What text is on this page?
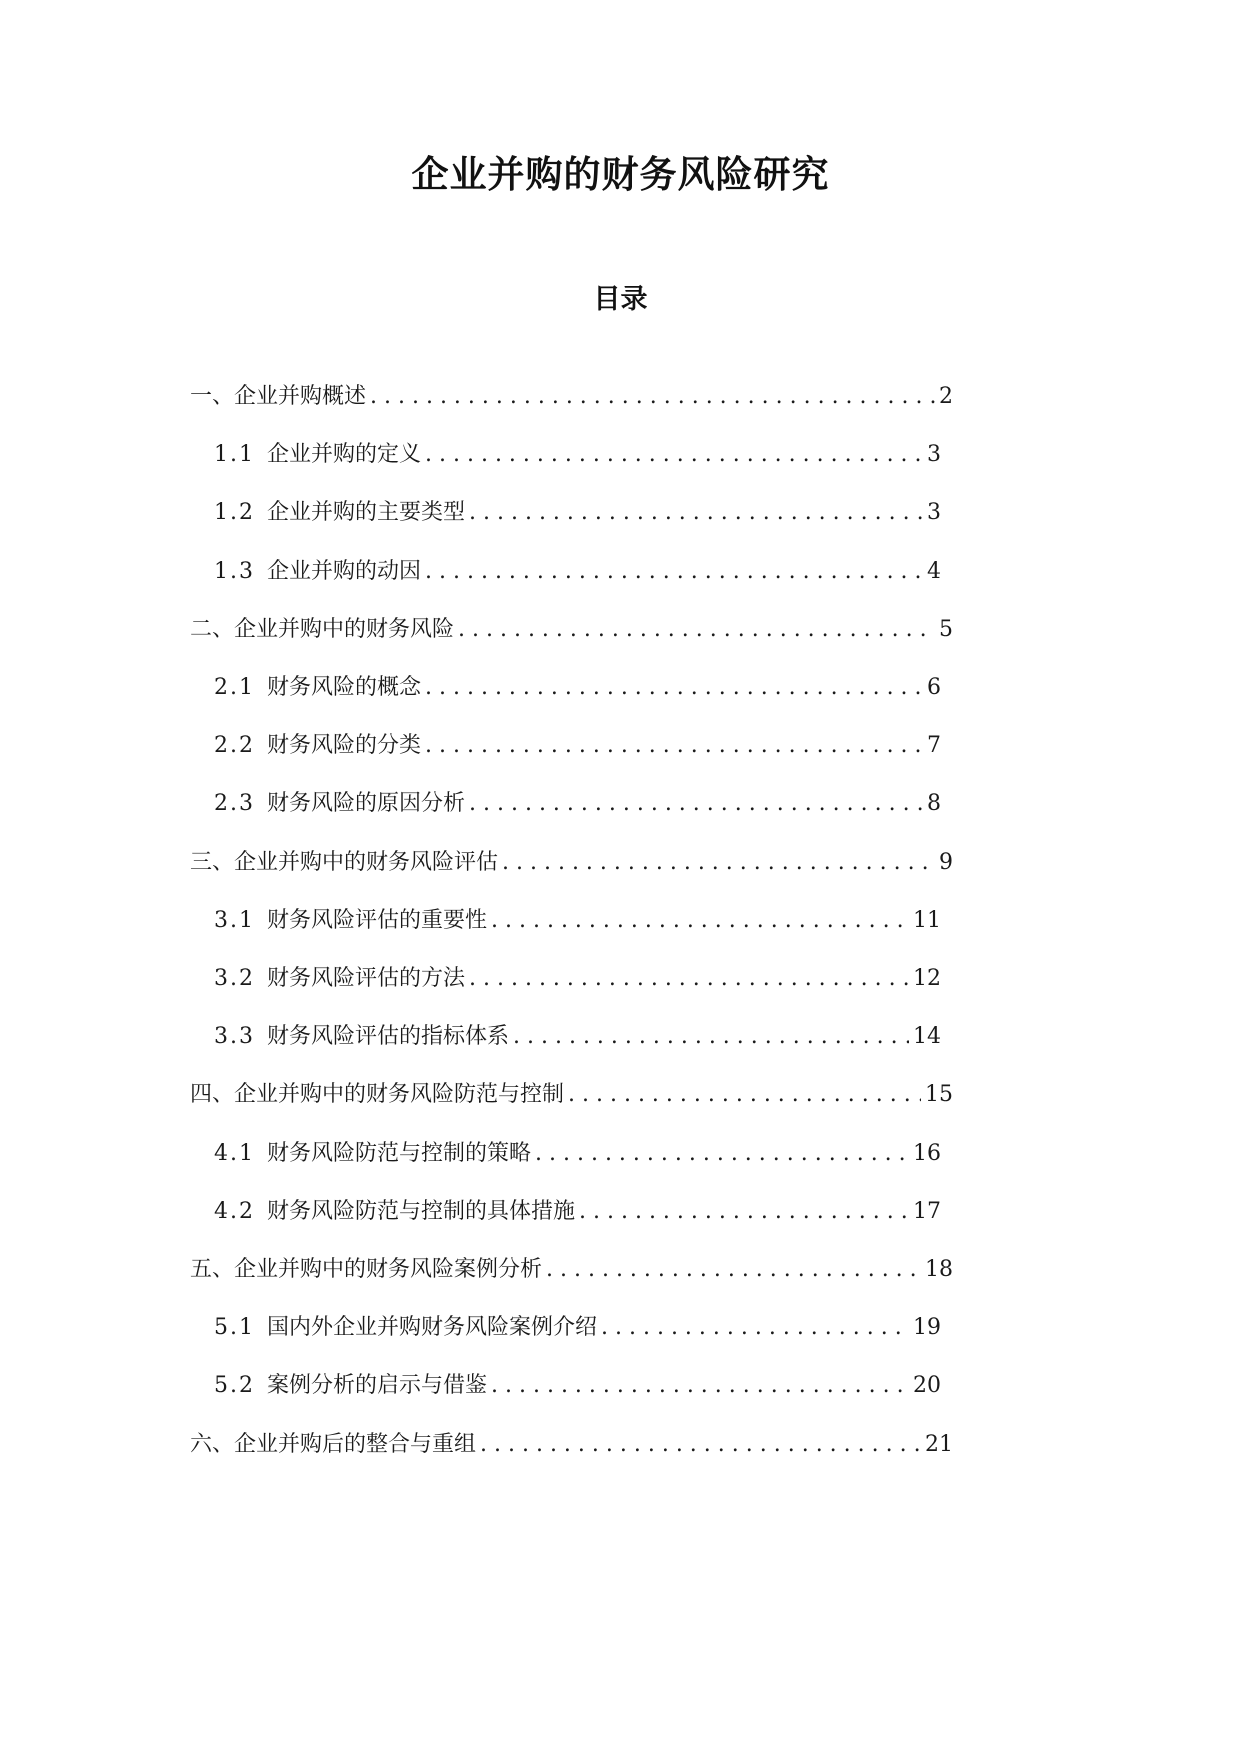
企业并购的财务风险研究
目录
一、企业并购概述 . . .	2
1.1 企业并购的定义 . . .	3
1.2 企业并购的主要类型 . . .	3
1.3 企业并购的动因 . . .	4
二、企业并购中的财务风险 . . .	5
2.1 财务风险的概念 . . .	6
2.2 财务风险的分类 . . .	7
2.3 财务风险的原因分析 . . .	8
三、企业并购中的财务风险评估 . . .	9
3.1 财务风险评估的重要性 . . .	11
3.2 财务风险评估的方法 . . .	12
3.3 财务风险评估的指标体系 . . .	14
四、企业并购中的财务风险防范与控制 . . .	15
4.1 财务风险防范与控制的策略 . . .	16
4.2 财务风险防范与控制的具体措施 . . .	17
五、企业并购中的财务风险案例分析 . . .	18
5.1 国内外企业并购财务风险案例介绍 . . .	19
5.2 案例分析的启示与借鉴 . . .	20
六、企业并购后的整合与重组 . . .	21
